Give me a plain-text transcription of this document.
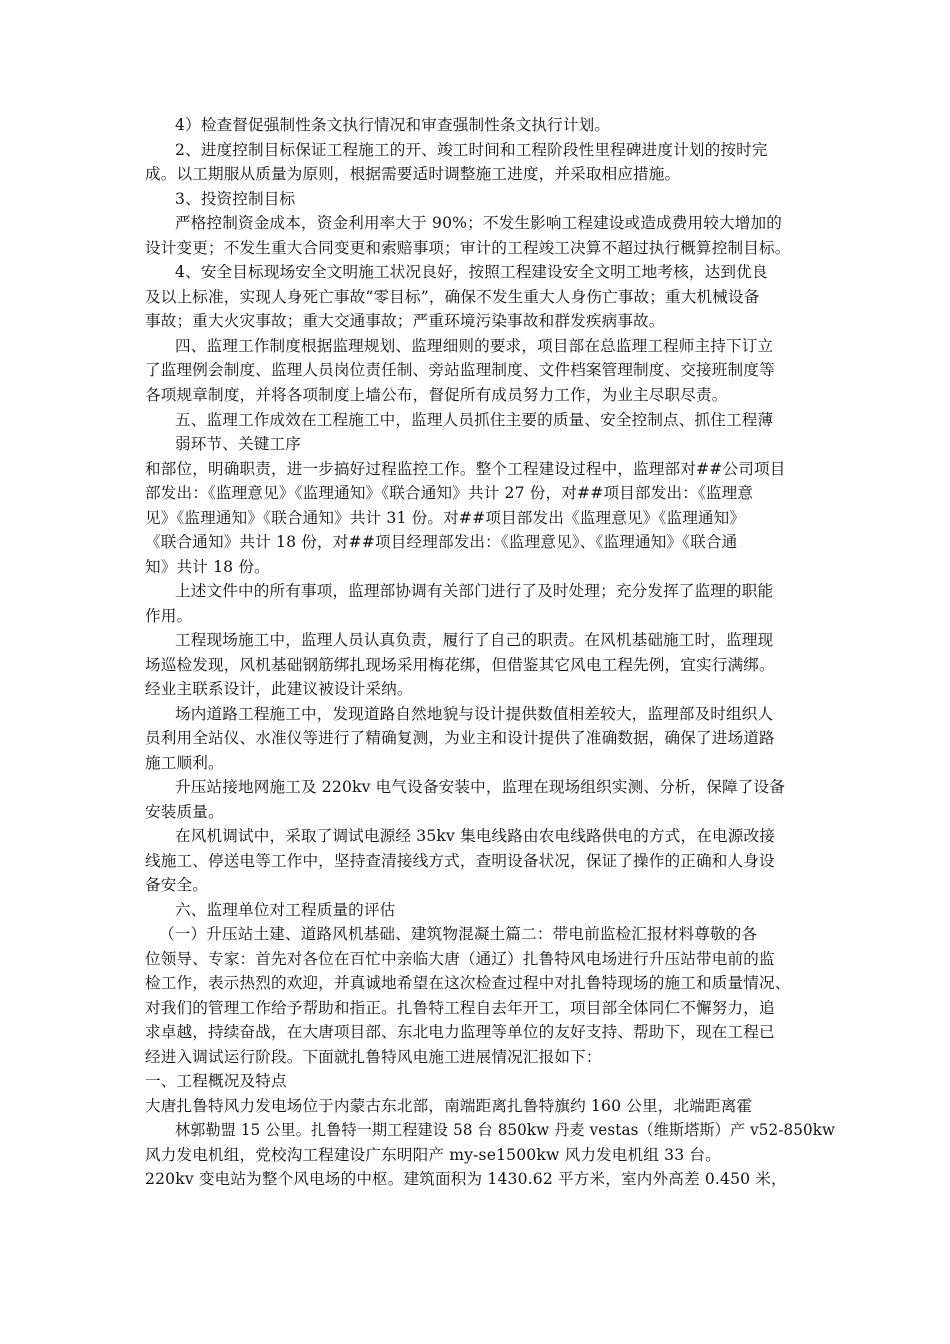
4）检查督促强制性条文执行情况和审查强制性条文执行计划。
2、进度控制目标保证工程施工的开、竣工时间和工程阶段性里程碑进度计划的按时完
成。以工期服从质量为原则，根据需要适时调整施工进度，并采取相应措施。
3、投资控制目标
严格控制资金成本，资金利用率大于 90%；不发生影响工程建设或造成费用较大增加的
设计变更；不发生重大合同变更和索赔事项；审计的工程竣工决算不超过执行概算控制目标。
4、安全目标现场安全文明施工状况良好，按照工程建设安全文明工地考核，达到优良
及以上标准，实现人身死亡事故“零目标”，确保不发生重大人身伤亡事故；重大机械设备
事故；重大火灾事故；重大交通事故；严重环境污染事故和群发疾病事故。
四、监理工作制度根据监理规划、监理细则的要求，项目部在总监理工程师主持下订立
了监理例会制度、监理人员岗位责任制、旁站监理制度、文件档案管理制度、交接班制度等
各项规章制度，并将各项制度上墙公布，督促所有成员努力工作，为业主尽职尽责。
五、监理工作成效在工程施工中，监理人员抓住主要的质量、安全控制点、抓住工程薄
弱环节、关键工序
和部位，明确职责，进一步搞好过程监控工作。整个工程建设过程中，监理部对##公司项目
部发出：《监理意见》《监理通知》《联合通知》共计 27 份，对##项目部发出：《监理意
见》《监理通知》《联合通知》共计 31 份。对##项目部发出《监理意见》《监理通知》
《联合通知》共计 18 份，对##项目经理部发出：《监理意见》、《监理通知》《联合通
知》共计 18 份。
上述文件中的所有事项，监理部协调有关部门进行了及时处理；充分发挥了监理的职能
作用。
工程现场施工中，监理人员认真负责，履行了自己的职责。在风机基础施工时，监理现
场巡检发现，风机基础钢筋绑扎现场采用梅花绑，但借鉴其它风电工程先例，宜实行满绑。
经业主联系设计，此建议被设计采纳。
场内道路工程施工中，发现道路自然地貌与设计提供数值相差较大，监理部及时组织人
员利用全站仪、水准仪等进行了精确复测，为业主和设计提供了准确数据，确保了进场道路
施工顺利。
升压站接地网施工及 220kv 电气设备安装中，监理在现场组织实测、分析，保障了设备
安装质量。
在风机调试中，采取了调试电源经 35kv 集电线路由农电线路供电的方式，在电源改接
线施工、停送电等工作中，坚持查清接线方式，查明设备状况，保证了操作的正确和人身设
备安全。
六、监理单位对工程质量的评估
（一）升压站土建、道路风机基础、建筑物混凝土篇二：带电前监检汇报材料尊敬的各
位领导、专家：首先对各位在百忙中亲临大唐（通辽）扎鲁特风电场进行升压站带电前的监
检工作，表示热烈的欢迎，并真诚地希望在这次检查过程中对扎鲁特现场的施工和质量情况、
对我们的管理工作给予帮助和指正。扎鲁特工程自去年开工，项目部全体同仁不懈努力，追
求卓越，持续奋战，在大唐项目部、东北电力监理等单位的友好支持、帮助下，现在工程已
经进入调试运行阶段。下面就扎鲁特风电施工进展情况汇报如下：
一、工程概况及特点
大唐扎鲁特风力发电场位于内蒙古东北部，南端距离扎鲁特旗约 160 公里，北端距离霍
林郭勒盟 15 公里。扎鲁特一期工程建设 58 台 850kw 丹麦 vestas（维斯塔斯）产 v52-850kw
风力发电机组，党校沟工程建设广东明阳产 my-se1500kw 风力发电机组 33 台。
220kv 变电站为整个风电场的中枢。建筑面积为 1430.62 平方米，室内外高差 0.450 米，
